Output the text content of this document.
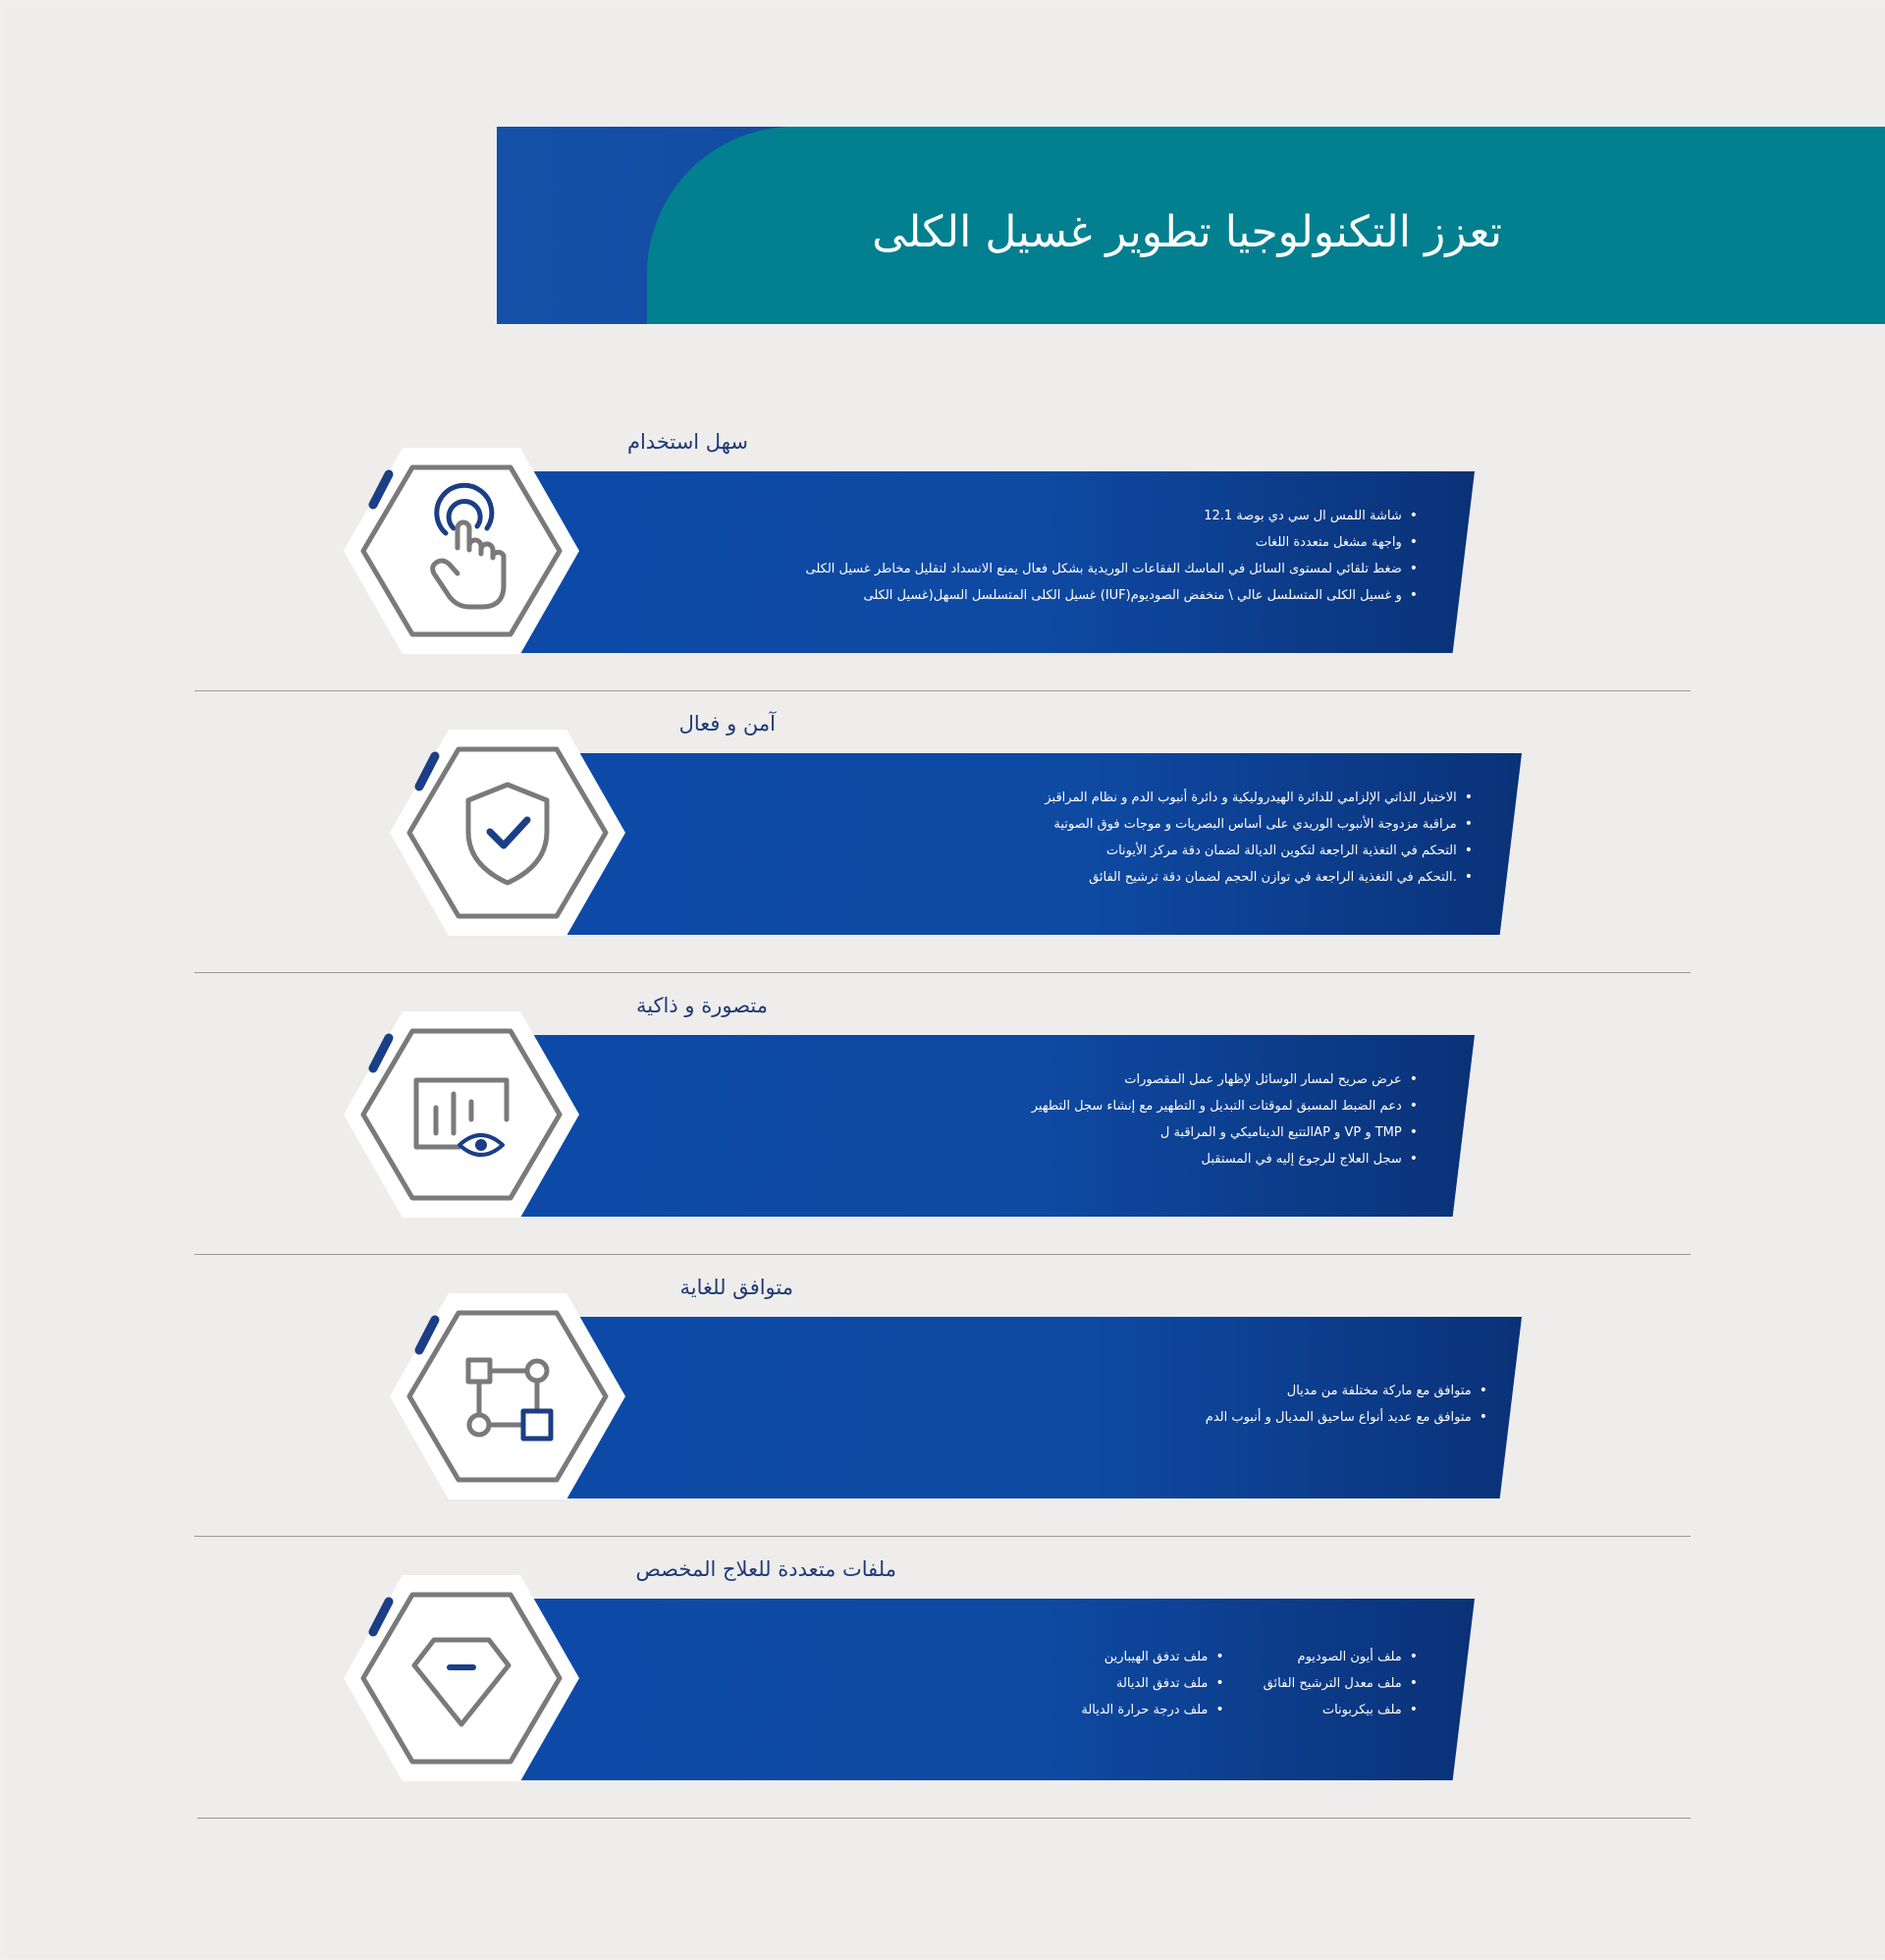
تعزز التكنولوجيا تطوير غسيل الكلى
سهل استخدام
• شاشة اللمس ال سي دي بوصة 12.1
• واجهة مشغل متعددة اللغات
• ضغط تلقائي لمستوى السائل في الماسك الفقاعات الوريدية بشكل فعال يمنع الانسداد لتقليل مخاطر غسيل الكلى
• و غسيل الكلى المتسلسل عالي \ منخفض الصوديوم(IUF) غسيل الكلى المتسلسل السهل(غسيل الكلى
آمن و فعال
• الاختبار الذاتي الإلزامي للدائرة الهيدروليكية و دائرة أنبوب الدم و نظام المراقبز
• مراقبة مزدوجة الأنبوب الوريدي على أساس البصريات و موجات فوق الصوتية
• التحكم في التغذية الراجعة لتكوين الديالة لضمان دقة مركز الأيونات
• .التحكم في التغذية الراجعة في توازن الحجم لضمان دقة ترشيح الفائق
متصورة و ذاكية
• عرض صريح لمسار الوسائل لإظهار عمل المقصورات
• دعم الضبط المسبق لموقتات التبديل و التطهير مع إنشاء سجل التطهير
• TMP و VP و APالتتبع الديناميكي و المراقبة ل
• سجل العلاج للرجوع إليه في المستقبل
متوافق للغاية
• متوافق مع ماركة مختلفة من مديال
• متوافق مع عديد أنواع ساحيق المديال و أنبوب الدم
ملفات متعددة للعلاج المخصص
• ملف أيون الصوديوم
• ملف تدفق الهيبارين
• ملف معدل الترشيح الفائق
• ملف تدفق الديالة
• ملف بيكربونات
• ملف درجة حرارة الديالة
